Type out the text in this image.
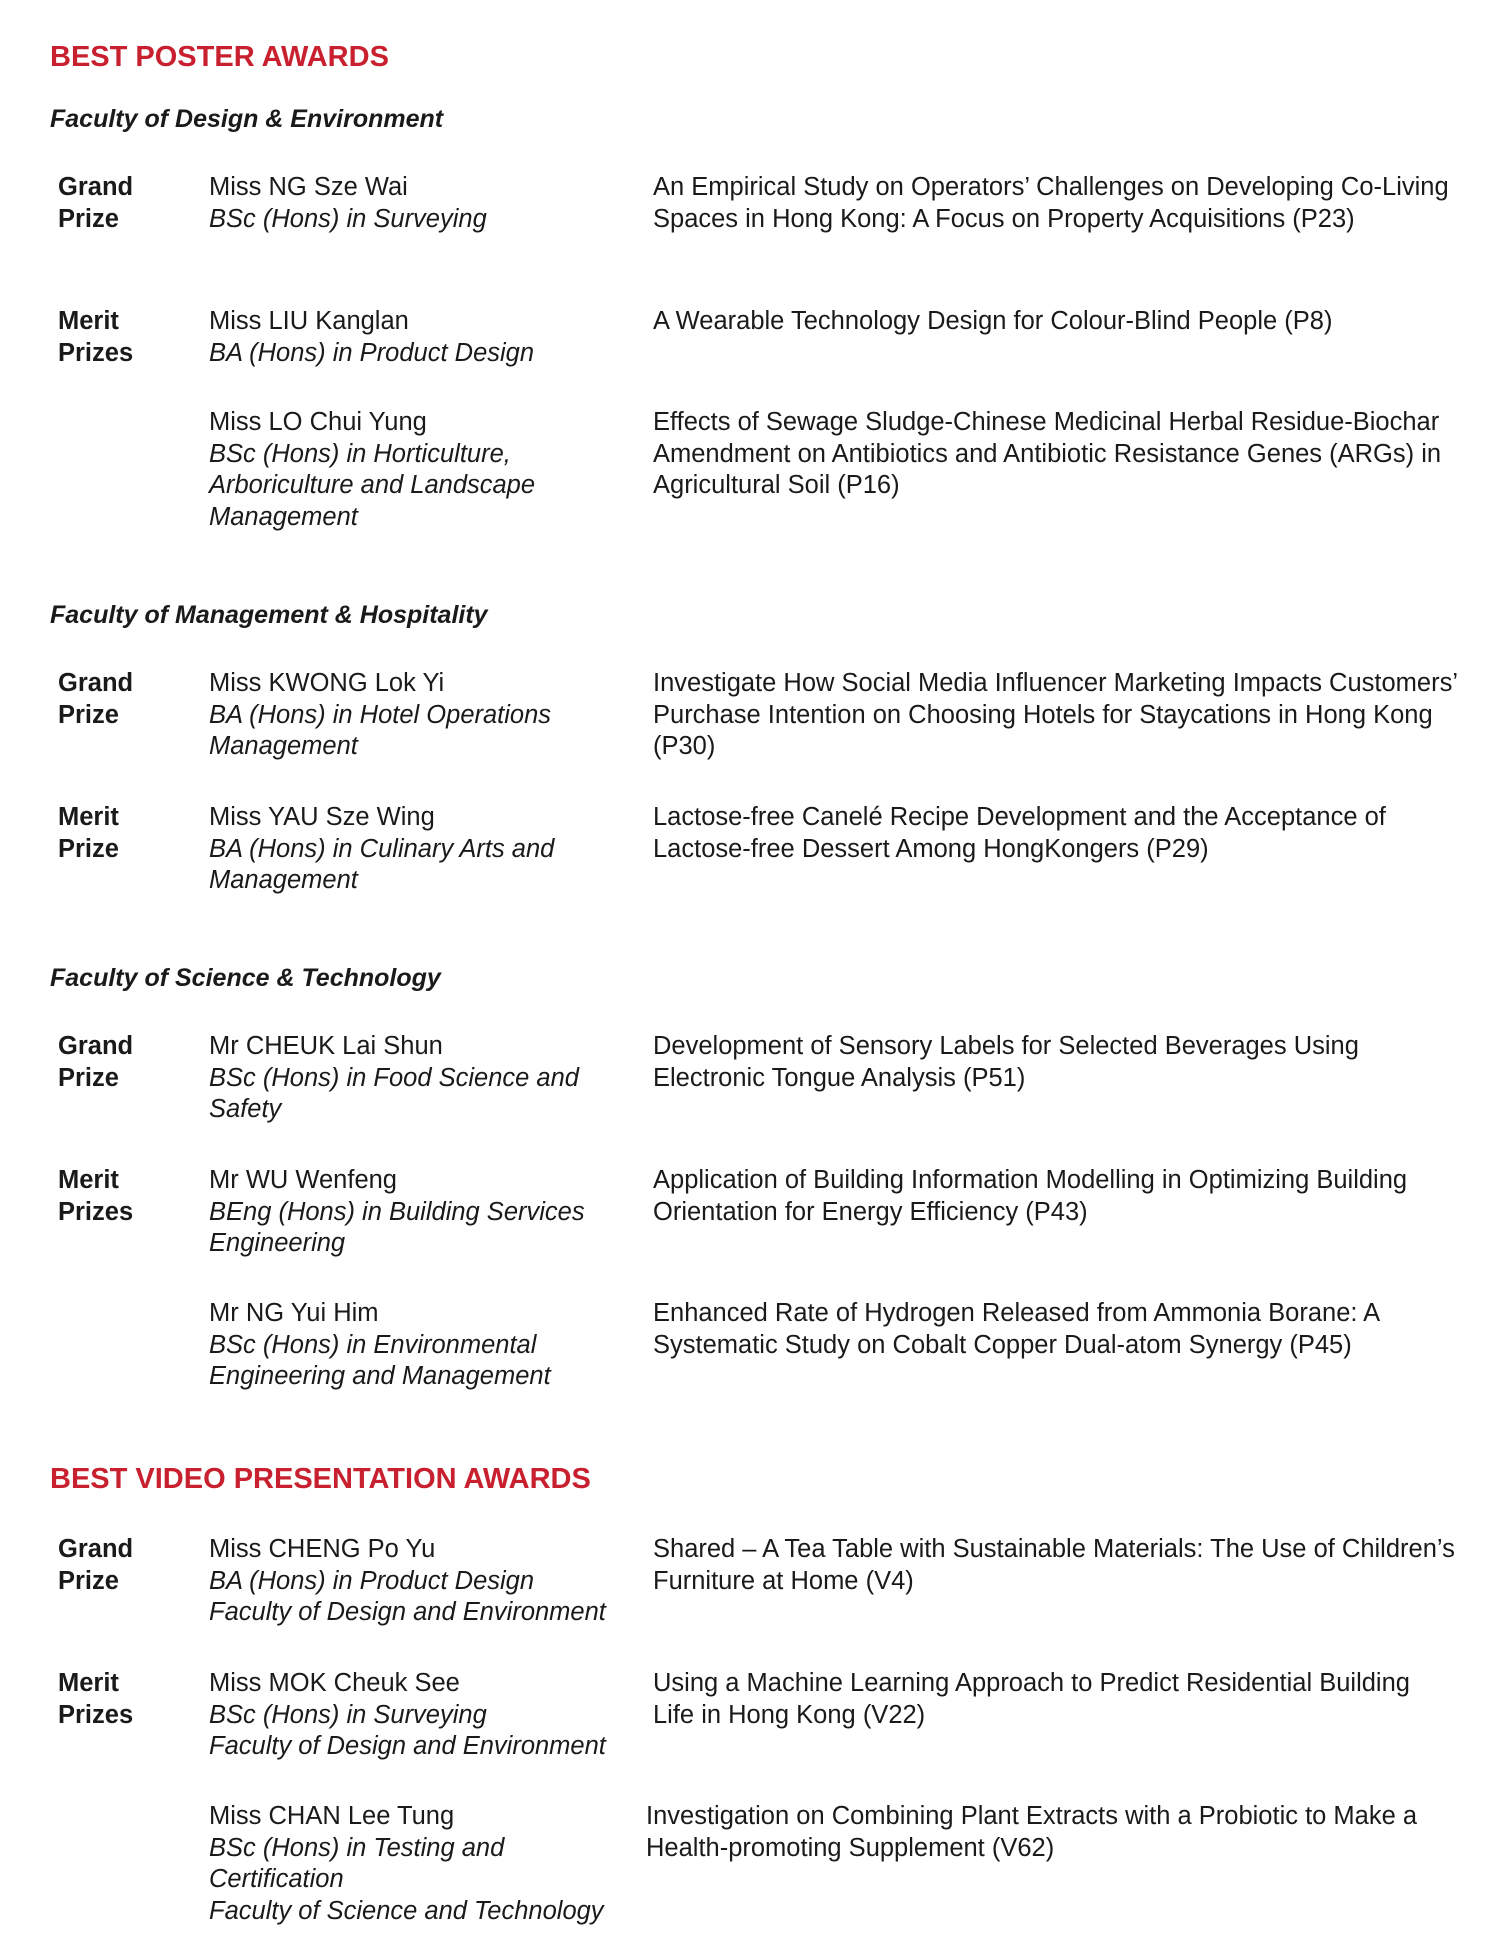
BEST POSTER AWARDS
Faculty of Design & Environment
Grand
Prize
Miss NG Sze Wai
BSc (Hons) in Surveying
An Empirical Study on Operators’ Challenges on Developing Co-Living Spaces in Hong Kong: A Focus on Property Acquisitions (P23)
Merit
Prizes
Miss LIU Kanglan
BA (Hons) in Product Design
A Wearable Technology Design for Colour-Blind People (P8)
Miss LO Chui Yung
BSc (Hons) in Horticulture,
Arboriculture and Landscape
Management
Effects of Sewage Sludge-Chinese Medicinal Herbal Residue-Biochar Amendment on Antibiotics and Antibiotic Resistance Genes (ARGs) in Agricultural Soil (P16)
Faculty of Management & Hospitality
Grand
Prize
Miss KWONG Lok Yi
BA (Hons) in Hotel Operations
Management
Investigate How Social Media Influencer Marketing Impacts Customers’ Purchase Intention on Choosing Hotels for Staycations in Hong Kong (P30)
Merit
Prize
Miss YAU Sze Wing
BA (Hons) in Culinary Arts and
Management
Lactose-free Canelé Recipe Development and the Acceptance of Lactose-free Dessert Among HongKongers (P29)
Faculty of Science & Technology
Grand
Prize
Mr CHEUK Lai Shun
BSc (Hons) in Food Science and
Safety
Development of Sensory Labels for Selected Beverages Using Electronic Tongue Analysis (P51)
Merit
Prizes
Mr WU Wenfeng
BEng (Hons) in Building Services
Engineering
Application of Building Information Modelling in Optimizing Building Orientation for Energy Efficiency (P43)
Mr NG Yui Him
BSc (Hons) in Environmental
Engineering and Management
Enhanced Rate of Hydrogen Released from Ammonia Borane: A Systematic Study on Cobalt Copper Dual-atom Synergy (P45)
BEST VIDEO PRESENTATION AWARDS
Grand
Prize
Miss CHENG Po Yu
BA (Hons) in Product Design
Faculty of Design and Environment
Shared – A Tea Table with Sustainable Materials: The Use of Children’s Furniture at Home (V4)
Merit
Prizes
Miss MOK Cheuk See
BSc (Hons) in Surveying
Faculty of Design and Environment
Using a Machine Learning Approach to Predict Residential Building Life in Hong Kong (V22)
Miss CHAN Lee Tung
BSc (Hons) in Testing and
Certification
Faculty of Science and Technology
Investigation on Combining Plant Extracts with a Probiotic to Make a Health-promoting Supplement (V62)
